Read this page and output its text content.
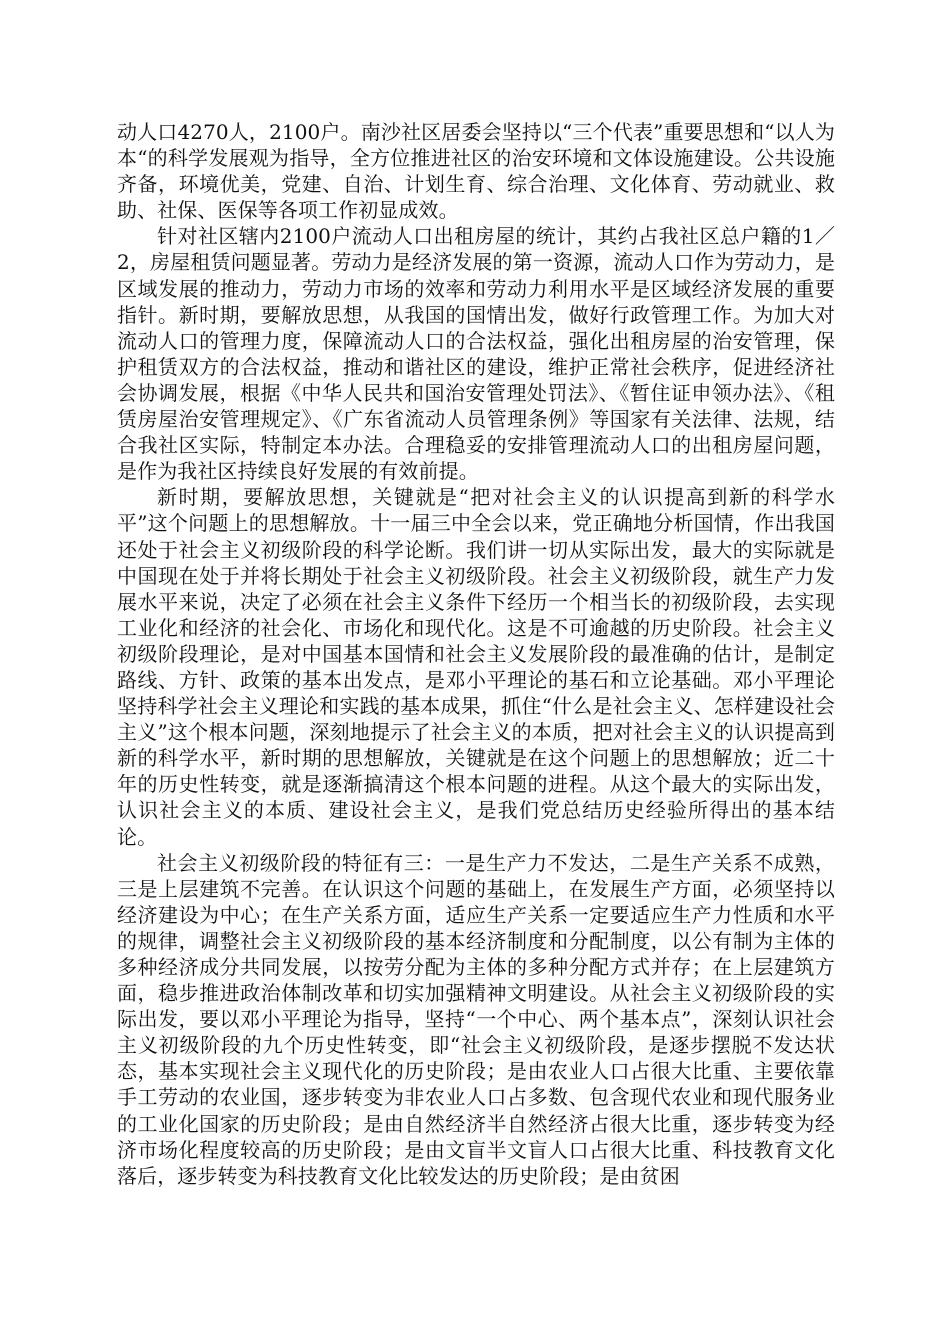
动人口4270人，2100户。南沙社区居委会坚持以“三个代表”重要思想和“以人为本“的科学发展观为指导，全方位推进社区的治安环境和文体设施建设。公共设施齐备，环境优美，党建、自治、计划生育、综合治理、文化体育、劳动就业、救助、社保、医保等各项工作初显成效。

针对社区辖内2100户流动人口出租房屋的统计，其约占我社区总户籍的1／2，房屋租赁问题显著。劳动力是经济发展的第一资源，流动人口作为劳动力，是区域发展的推动力，劳动力市场的效率和劳动力利用水平是区域经济发展的重要指针。新时期，要解放思想，从我国的国情出发，做好行政管理工作。为加大对流动人口的管理力度，保障流动人口的合法权益，强化出租房屋的治安管理，保护租赁双方的合法权益，推动和谐社区的建设，维护正常社会秩序，促进经济社会协调发展，根据《中华人民共和国治安管理处罚法》、《暂住证申领办法》、《租赁房屋治安管理规定》、《广东省流动人员管理条例》等国家有关法律、法规，结合我社区实际，特制定本办法。合理稳妥的安排管理流动人口的出租房屋问题，是作为我社区持续良好发展的有效前提。

新时期，要解放思想，关键就是“把对社会主义的认识提高到新的科学水平”这个问题上的思想解放。十一届三中全会以来，党正确地分析国情，作出我国还处于社会主义初级阶段的科学论断。我们讲一切从实际出发，最大的实际就是中国现在处于并将长期处于社会主义初级阶段。社会主义初级阶段，就生产力发展水平来说，决定了必须在社会主义条件下经历一个相当长的初级阶段，去实现工业化和经济的社会化、市场化和现代化。这是不可逾越的历史阶段。社会主义初级阶段理论，是对中国基本国情和社会主义发展阶段的最准确的估计，是制定路线、方针、政策的基本出发点，是邓小平理论的基石和立论基础。邓小平理论坚持科学社会主义理论和实践的基本成果，抓住“什么是社会主义、怎样建设社会主义”这个根本问题，深刻地提示了社会主义的本质，把对社会主义的认识提高到新的科学水平，新时期的思想解放，关键就是在这个问题上的思想解放；近二十年的历史性转变，就是逐渐搞清这个根本问题的进程。从这个最大的实际出发，认识社会主义的本质、建设社会主义，是我们党总结历史经验所得出的基本结论。

社会主义初级阶段的特征有三：一是生产力不发达，二是生产关系不成熟，三是上层建筑不完善。在认识这个问题的基础上，在发展生产方面，必须坚持以经济建设为中心；在生产关系方面，适应生产关系一定要适应生产力性质和水平的规律，调整社会主义初级阶段的基本经济制度和分配制度，以公有制为主体的多种经济成分共同发展，以按劳分配为主体的多种分配方式并存；在上层建筑方面，稳步推进政治体制改革和切实加强精神文明建设。从社会主义初级阶段的实际出发，要以邓小平理论为指导，坚持“一个中心、两个基本点”，深刻认识社会主义初级阶段的九个历史性转变，即“社会主义初级阶段，是逐步摆脱不发达状态，基本实现社会主义现代化的历史阶段；是由农业人口占很大比重、主要依靠手工劳动的农业国，逐步转变为非农业人口占多数、包含现代农业和现代服务业的工业化国家的历史阶段；是由自然经济半自然经济占很大比重，逐步转变为经济市场化程度较高的历史阶段；是由文盲半文盲人口占很大比重、科技教育文化落后，逐步转变为科技教育文化比较发达的历史阶段；是由贫困
